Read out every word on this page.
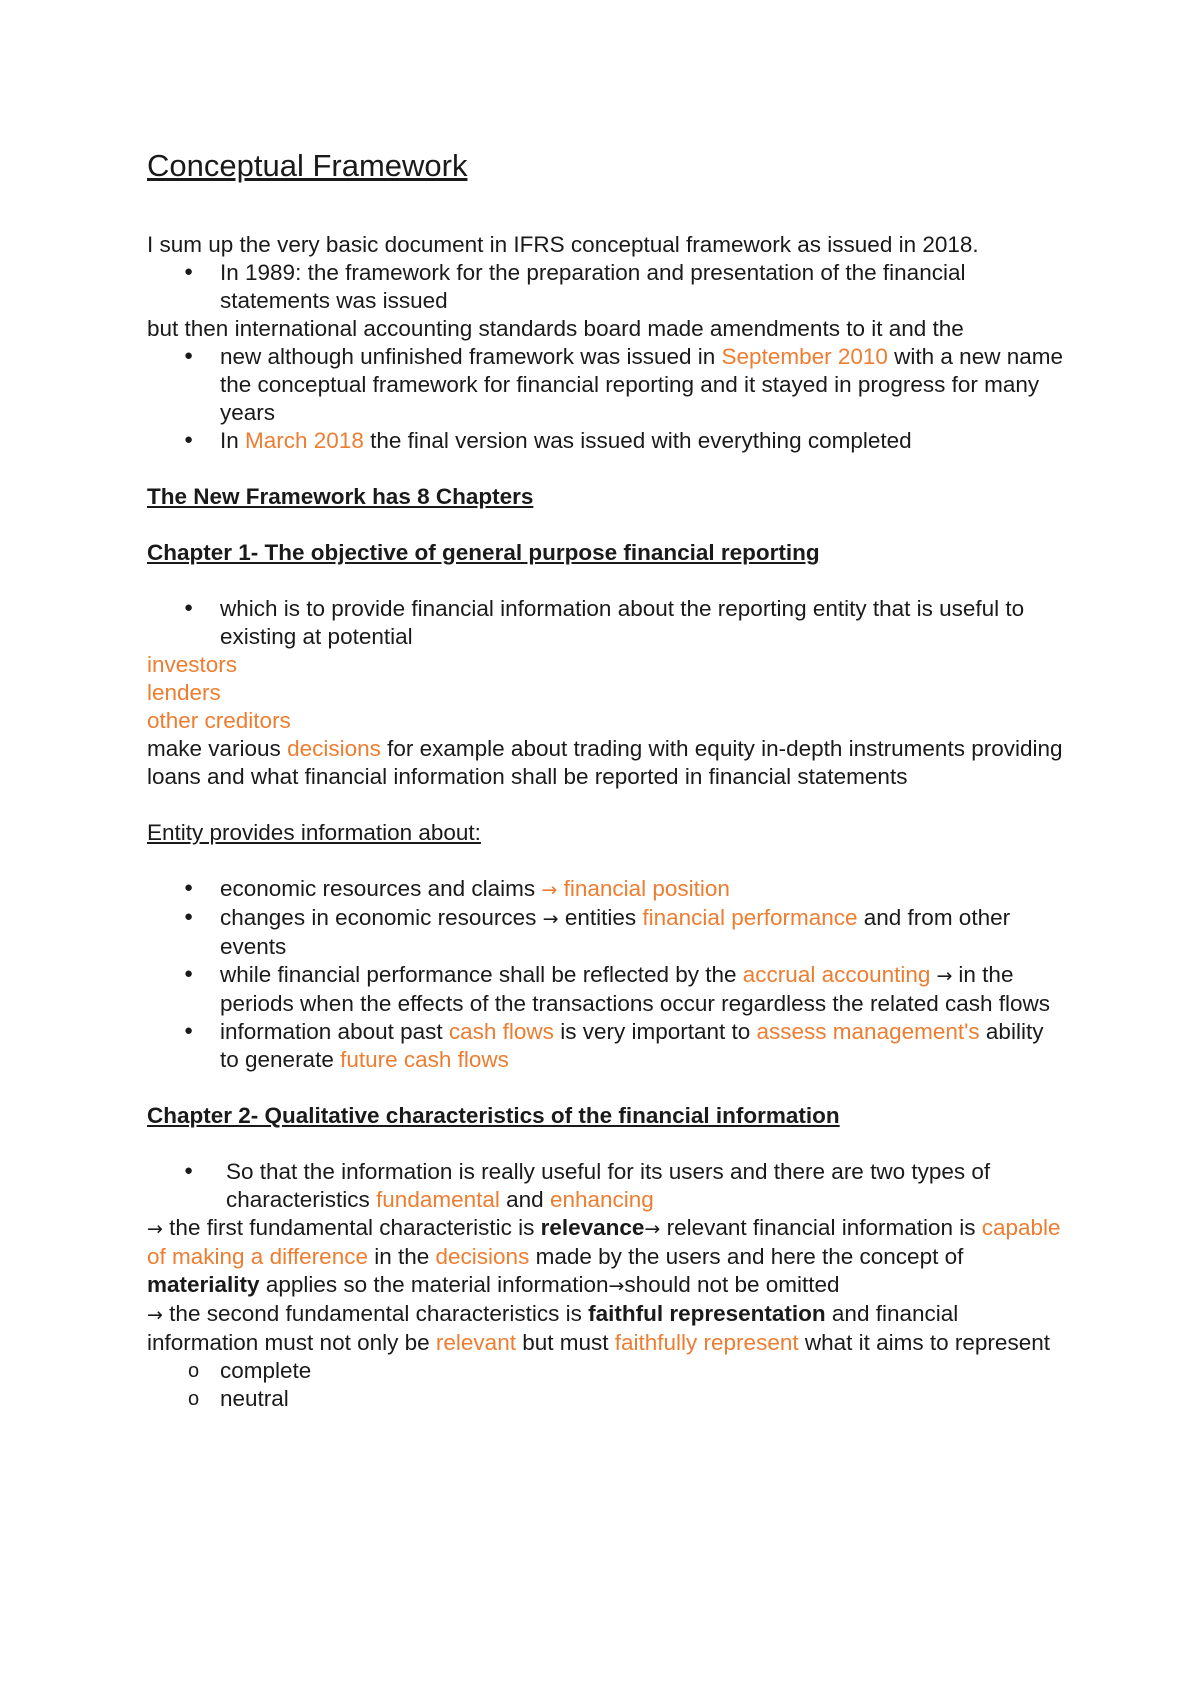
Conceptual Framework

I sum up the very basic document in IFRS conceptual framework as issued in 2018.

● In 1989: the framework for the preparation and presentation of the financial statements was issued

but then international accounting standards board made amendments to it and the

● new although unfinished framework was issued in September 2010 with a new name the conceptual framework for financial reporting and it stayed in progress for many years
● In March 2018 the final version was issued with everything completed

The New Framework has 8 Chapters

Chapter 1- The objective of general purpose financial reporting

● which is to provide financial information about the reporting entity that is useful to existing at potential

investors

lenders

other creditors

make various decisions for example about trading with equity in-depth instruments providing loans and what financial information shall be reported in financial statements

Entity provides information about:

● economic resources and claims → financial position
● changes in economic resources → entities financial performance and from other events
● while financial performance shall be reflected by the accrual accounting → in the periods when the effects of the transactions occur regardless the related cash flows
● information about past cash flows is very important to assess management's ability to generate future cash flows

Chapter 2- Qualitative characteristics of the financial information

● So that the information is really useful for its users and there are two types of characteristics fundamental and enhancing

→ the first fundamental characteristic is relevance→ relevant financial information is capable of making a difference in the decisions made by the users and here the concept of materiality applies so the material information→should not be omitted

→ the second fundamental characteristics is faithful representation and financial information must not only be relevant but must faithfully represent what it aims to represent

o complete
o neutral
